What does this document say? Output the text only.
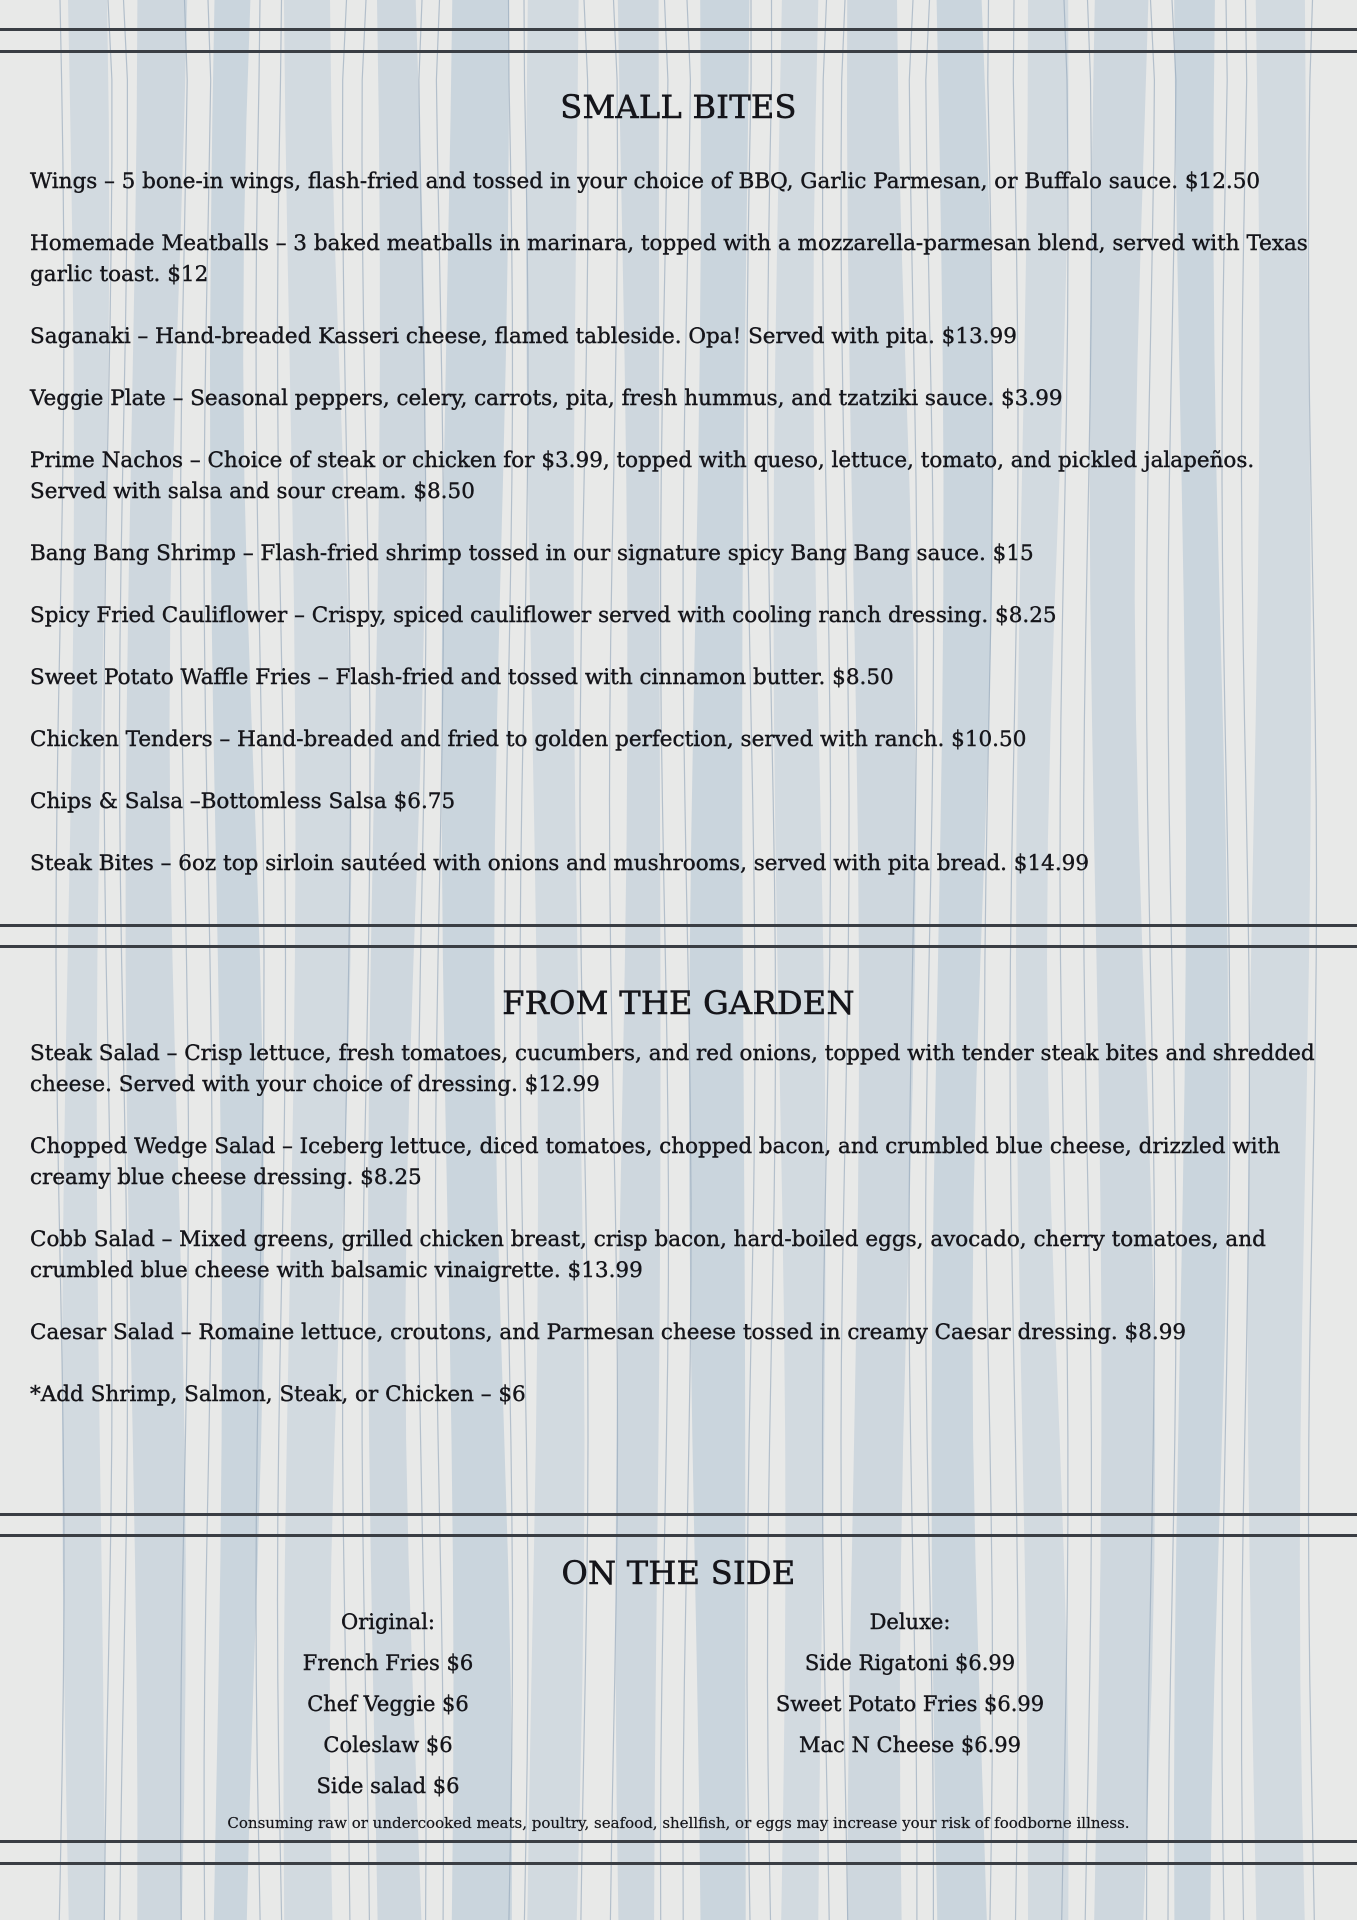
SMALL BITES
Wings – 5 bone-in wings, flash-fried and tossed in your choice of BBQ, Garlic Parmesan, or Buffalo sauce. $12.50
Homemade Meatballs – 3 baked meatballs in marinara, topped with a mozzarella-parmesan blend, served with Texas garlic toast. $12
Saganaki – Hand-breaded Kasseri cheese, flamed tableside. Opa! Served with pita. $13.99
Veggie Plate – Seasonal peppers, celery, carrots, pita, fresh hummus, and tzatziki sauce. $3.99
Prime Nachos – Choice of steak or chicken for $3.99, topped with queso, lettuce, tomato, and pickled jalapeños. Served with salsa and sour cream. $8.50
Bang Bang Shrimp – Flash-fried shrimp tossed in our signature spicy Bang Bang sauce. $15
Spicy Fried Cauliflower – Crispy, spiced cauliflower served with cooling ranch dressing. $8.25
Sweet Potato Waffle Fries – Flash-fried and tossed with cinnamon butter. $8.50
Chicken Tenders – Hand-breaded and fried to golden perfection, served with ranch. $10.50
Chips & Salsa –Bottomless Salsa $6.75
Steak Bites – 6oz top sirloin sautéed with onions and mushrooms, served with pita bread. $14.99
FROM THE GARDEN
Steak Salad – Crisp lettuce, fresh tomatoes, cucumbers, and red onions, topped with tender steak bites and shredded cheese. Served with your choice of dressing. $12.99
Chopped Wedge Salad – Iceberg lettuce, diced tomatoes, chopped bacon, and crumbled blue cheese, drizzled with creamy blue cheese dressing. $8.25
Cobb Salad – Mixed greens, grilled chicken breast, crisp bacon, hard-boiled eggs, avocado, cherry tomatoes, and crumbled blue cheese with balsamic vinaigrette. $13.99
Caesar Salad – Romaine lettuce, croutons, and Parmesan cheese tossed in creamy Caesar dressing. $8.99
*Add Shrimp, Salmon, Steak, or Chicken – $6
ON THE SIDE
Original:
French Fries $6
Chef Veggie $6
Coleslaw $6
Side salad $6
Deluxe:
Side Rigatoni $6.99
Sweet Potato Fries $6.99
Mac N Cheese $6.99
Consuming raw or undercooked meats, poultry, seafood, shellfish, or eggs may increase your risk of foodborne illness.
